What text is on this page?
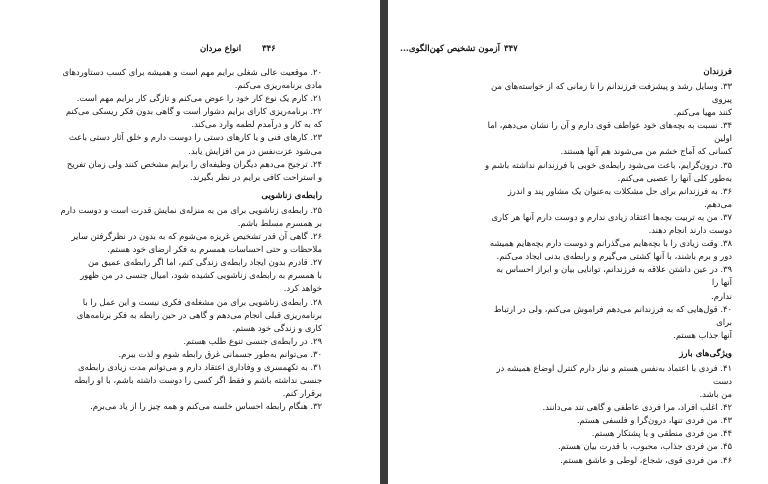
۳۴۶
انواع مردان

۲۰. موقعیت عالی شغلی برایم مهم است و همیشه برای کسب دستاوردهای

مادی برنامه‌ریزی می‌کنم.

۲۱. کارم یک نوع کار خود را عوض می‌کنم و تازگی کار برایم مهم است.

۲۲. برنامه‌ریزی کارای برایم دشوار است و گاهی بدون فکر ریسکی می‌کنم

که به کار و درآمدم لطمه وارد می‌کند.

۲۳. کارهای فنی و یا کارهای دستی را دوست دارم و خلق آثار دستی باعث

می‌شود عزت‌نفس در من افزایش یابد.

۲۴. ترجیح می‌دهم دیگران وظیفه‌ای را برایم مشخص کنند ولی زمان تفریح

و استراحت کافی برایم در نظر بگیرند.

رابطه‌ی زناشویی

۲۵. رابطه‌ی زناشویی برای من به منزله‌ی نمایش قدرت است و دوست دارم

بر همسرم مسلط باشم.

۲۶. گاهی آن قدر تشخیص غریزه می‌شوم که به بدون در نظرگرفتن سایر

ملاحظات و حتی احساسات همسرم به فکر ارضای خود هستم.

۲۷. قادرم بدون ایجاد رابطه‌ی زندگی کنم، اما اگر رابطه‌ی عمیق من

با همسرم به رابطه‌ی زناشویی کشیده شود، امیال جنسی در من ظهور

خواهد کرد.

۲۸. رابطه‌ی زناشویی برای من مشغله‌ی فکری نیست و این عمل را با

برنامه‌ریزی قبلی انجام می‌دهم و گاهی در حین رابطه به فکر برنامه‌های

کاری و زندگی خود هستم.

۲۹. در رابطه‌ی جنسی تنوع طلب هستم.

۳۰. می‌توانم به‌طور جسمانی غرق رابطه شوم و لذت ببرم.

۳۱. به تکهمسری و وفاداری اعتقاد دارم و می‌توانم مدت زیادی رابطه‌ی

جنسی نداشته باشم و فقط اگر کسی را دوست داشته باشم، با او رابطه

برقرار کنم.

۳۲. هنگام رابطه احساس خلسه می‌کنم و همه چیز را از یاد می‌برم.

۳۴۷
آزمون تشخیص کهن‌الگوی...
فرزندان

۳۳. وسایل رشد و پیشرفت فرزندانم را تا زمانی که از خواسته‌های من پیروی

کنند مهیا می‌کنم.

۳۴. نسبت به بچه‌های خود عواطف قوی دارم و آن را نشان می‌دهم، اما اولین

کسانی که آماج خشم من می‌شوند هم آنها هستند.

۳۵. درون‌گرایم، باعث می‌شود رابطه‌ی خوبی با فرزندانم نداشته باشم و

به‌طور کلی آنها را عصبی می‌کنم.

۳۶. به فرزندانم برای حل مشکلات به‌عنوان یک مشاور پند و اندرز

می‌دهم.

۳۷. من به تربیت بچه‌ها اعتقاد زیادی ندارم و دوست دارم آنها هر کاری

دوست دارند انجام دهند.

۳۸. وقت زیادی را با بچه‌هایم می‌گذرانم و دوست دارم بچه‌هایم همیشه

دور و برم باشند، با آنها کشتی می‌گیرم و رابطه‌ی بدنی ایجاد می‌کنم.

۳۹. در عین داشتن علاقه به فرزندانم، توانایی بیان و ابراز احساس به آنها را

ندارم.

۴۰. قول‌هایی که به فرزندانم می‌دهم فراموش می‌کنم، ولی در ارتباط برای

آنها جذاب هستم.

ویژگی‌های بارز

۴۱. فردی با اعتماد به‌نفس هستم و نیاز دارم کنترل اوضاع همیشه در دست

من باشد.

۴۲. اغلب افراد، مرا فردی عاطفی و گاهی تند می‌دانند.

۴۳. من فردی تنها، درون‌گرا و فلسفی هستم.

۴۴. من فردی منطقی و یا پشتکار هستم.

۴۵. من فردی جذاب، محبوب، با قدرت بیان هستم.

۴۶. من فردی قوی، شجاع، لوطی و عاشق هستم.
